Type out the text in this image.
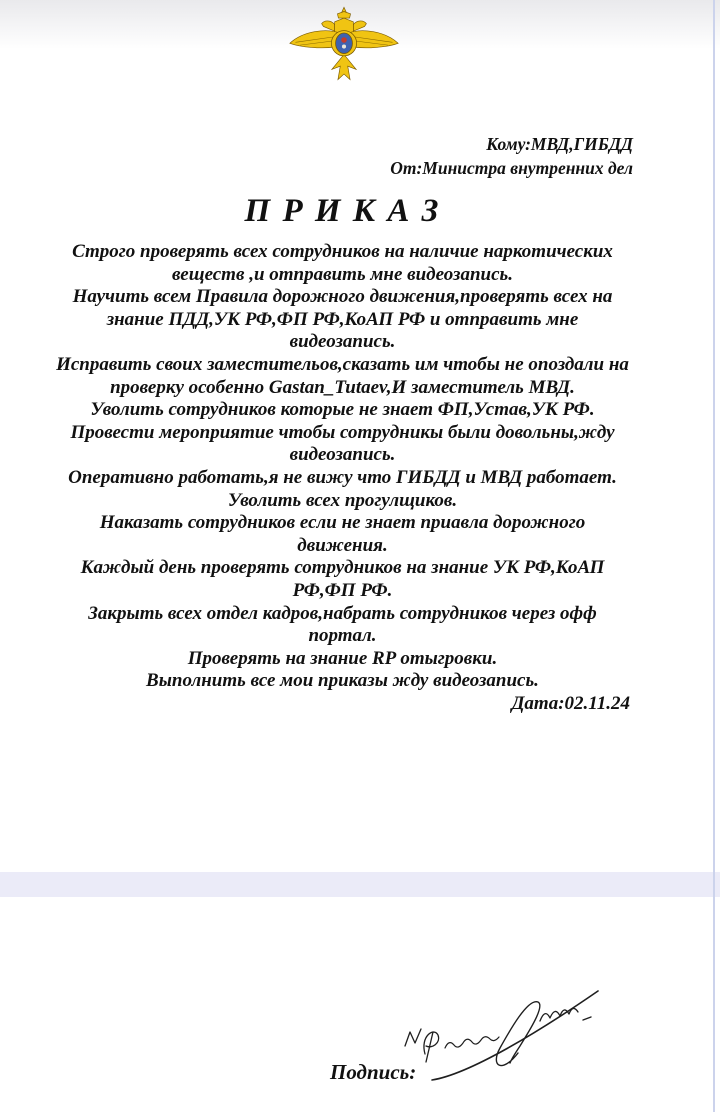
Кому:МВД,ГИБДД
От:Министра внутренних дел
П Р И К А З

Строго проверять всех сотрудников на наличие наркотических веществ ,и отправить мне видеозапись.

Научить всем Правила дорожного движения,проверять всех на знание ПДД,УК РФ,ФП РФ,КоАП РФ и отправить мне видеозапись.

Исправить своих заместительов,сказать им чтобы не опоздали на проверку особенно Gastan_Tutaev,И заместитель МВД.

Уволить сотрудников которые не знает ФП,Устав,УК РФ.

Провести мероприятие чтобы сотрудникы были довольны,жду видеозапись.

Оперативно работать,я не вижу что ГИБДД и МВД работает.

Уволить всех прогулщиков.

Наказать сотрудников если не знает приавла дорожного движения.

Каждый день проверять сотрудников на знание УК РФ,КоАП РФ,ФП РФ.

Закрыть всех отдел кадров,набрать сотрудников через офф портал.

Проверять на знание RP отыгровки.

Выполнить все мои приказы жду видеозапись.

Дата:02.11.24

Подпись:
